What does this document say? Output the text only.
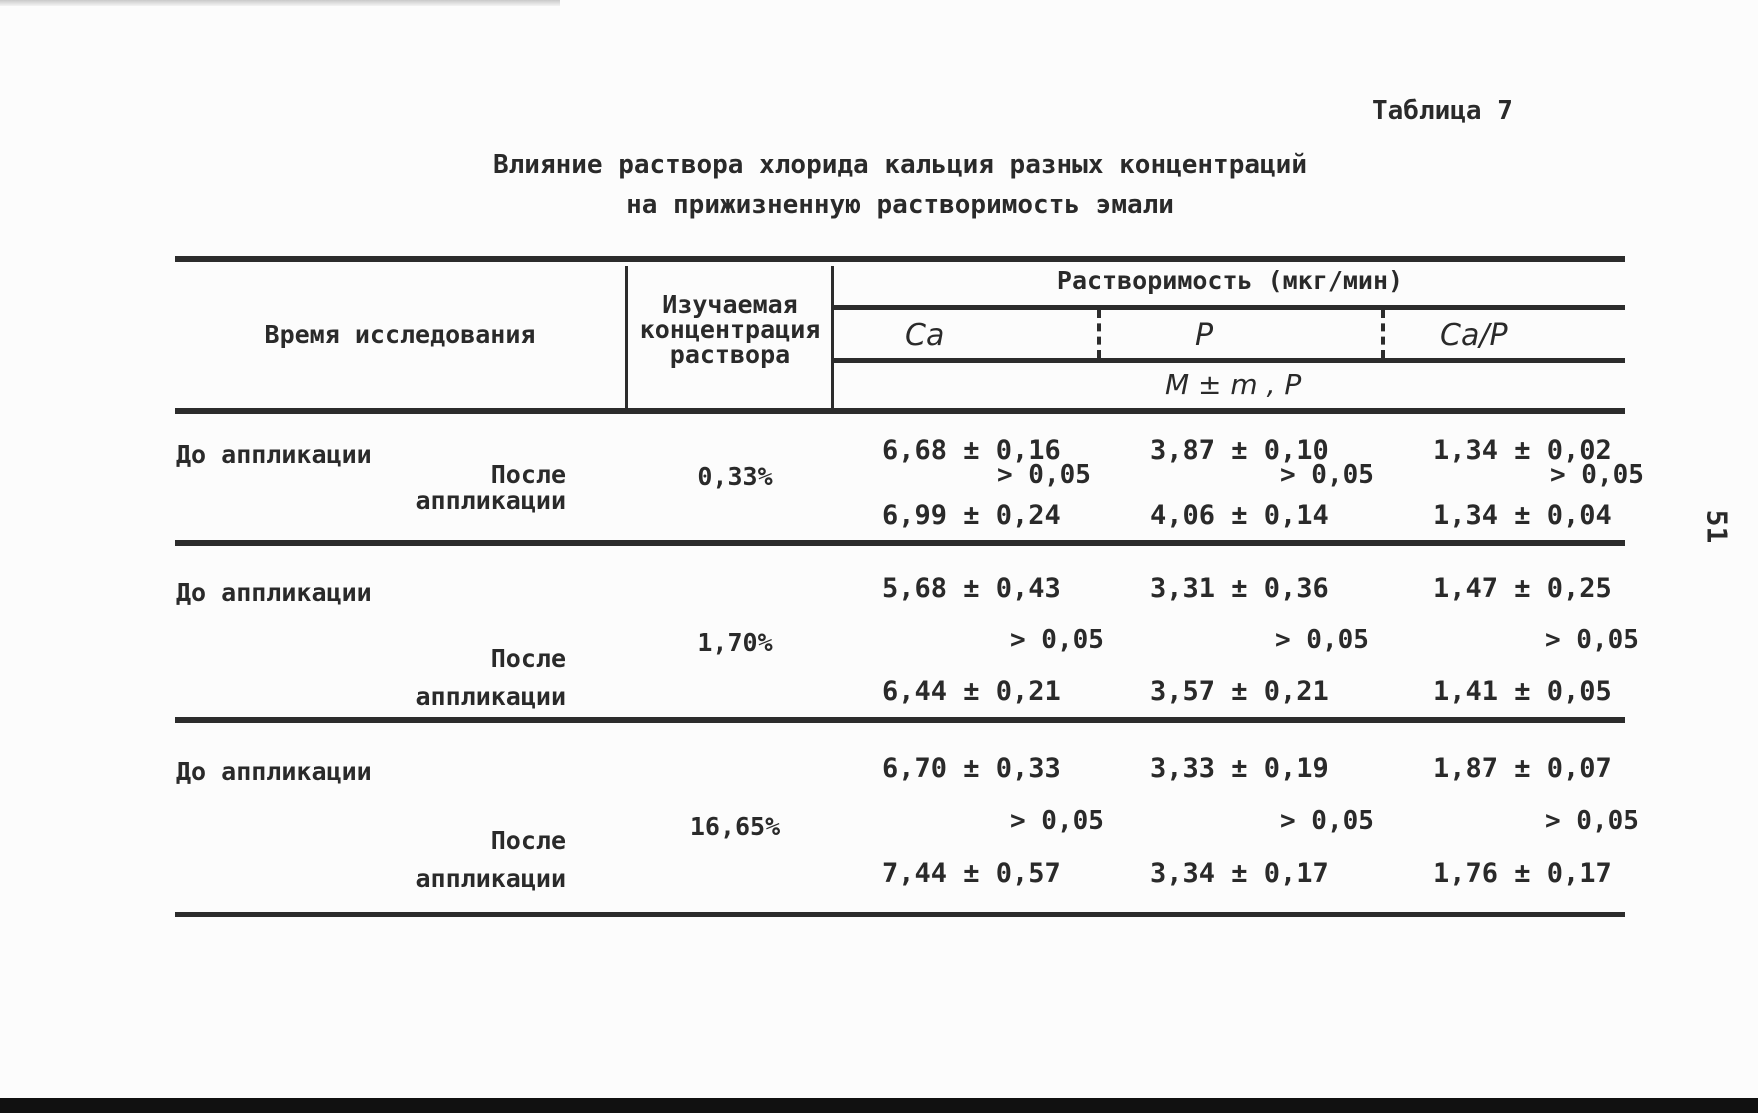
Таблица 7
Влияние раствора хлорида кальция разных концентраций
на прижизненную растворимость эмали
Время исследования
Изучаемая концентрация раствора
Растворимость (мкг/мин)
Ca	P	Ca/P
М ± m , P
До аппликации
После аппликации
0,33%
6,68 ± 0,16
> 0,05
6,99 ± 0,24
3,87 ± 0,10
> 0,05
4,06 ± 0,14
1,34 ± 0,02
> 0,05
1,34 ± 0,04
До аппликации
После аппликации
1,70%
5,68 ± 0,43
> 0,05
6,44 ± 0,21
3,31 ± 0,36
> 0,05
3,57 ± 0,21
1,47 ± 0,25
> 0,05
1,41 ± 0,05
До аппликации
После аппликации
16,65%
6,70 ± 0,33
> 0,05
7,44 ± 0,57
3,33 ± 0,19
> 0,05
3,34 ± 0,17
1,87 ± 0,07
> 0,05
1,76 ± 0,17
51
